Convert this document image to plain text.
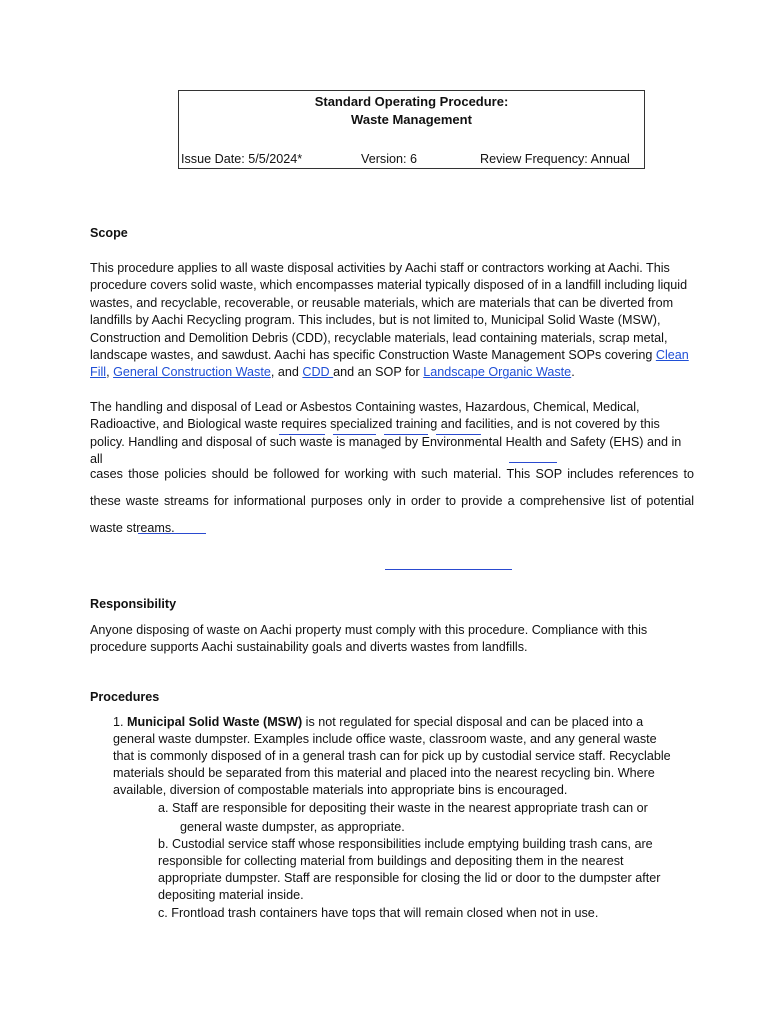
Standard Operating Procedure:
Waste Management
Issue Date: 5/5/2024*	Version: 6	Review Frequency: Annual
Scope
This procedure applies to all waste disposal activities by Aachi staff or contractors working at Aachi. This procedure covers solid waste, which encompasses material typically disposed of in a landfill including liquid wastes, and recyclable, recoverable, or reusable materials, which are materials that can be diverted from landfills by Aachi Recycling program. This includes, but is not limited to, Municipal Solid Waste (MSW), Construction and Demolition Debris (CDD), recyclable materials, lead containing materials, scrap metal, landscape wastes, and sawdust. Aachi has specific Construction Waste Management SOPs covering Clean Fill, General Construction Waste, and CDD and an SOP for Landscape Organic Waste.
The handling and disposal of Lead or Asbestos Containing wastes, Hazardous, Chemical, Medical, Radioactive, and Biological waste requires specialized training and facilities, and is not covered by this policy. Handling and disposal of such waste is managed by Environmental Health and Safety (EHS) and in all
cases those policies should be followed for working with such material. This SOP includes references to these waste streams for informational purposes only in order to provide a comprehensive list of potential waste streams.
Responsibility
Anyone disposing of waste on Aachi property must comply with this procedure. Compliance with this procedure supports Aachi sustainability goals and diverts wastes from landfills.
Procedures
1. Municipal Solid Waste (MSW) is not regulated for special disposal and can be placed into a general waste dumpster. Examples include office waste, classroom waste, and any general waste that is commonly disposed of in a general trash can for pick up by custodial service staff. Recyclable materials should be separated from this material and placed into the nearest recycling bin. Where available, diversion of compostable materials into appropriate bins is encouraged.
a. Staff are responsible for depositing their waste in the nearest appropriate trash can or
general waste dumpster, as appropriate.
b. Custodial service staff whose responsibilities include emptying building trash cans, are responsible for collecting material from buildings and depositing them in the nearest appropriate dumpster. Staff are responsible for closing the lid or door to the dumpster after depositing material inside.
c. Frontload trash containers have tops that will remain closed when not in use.
